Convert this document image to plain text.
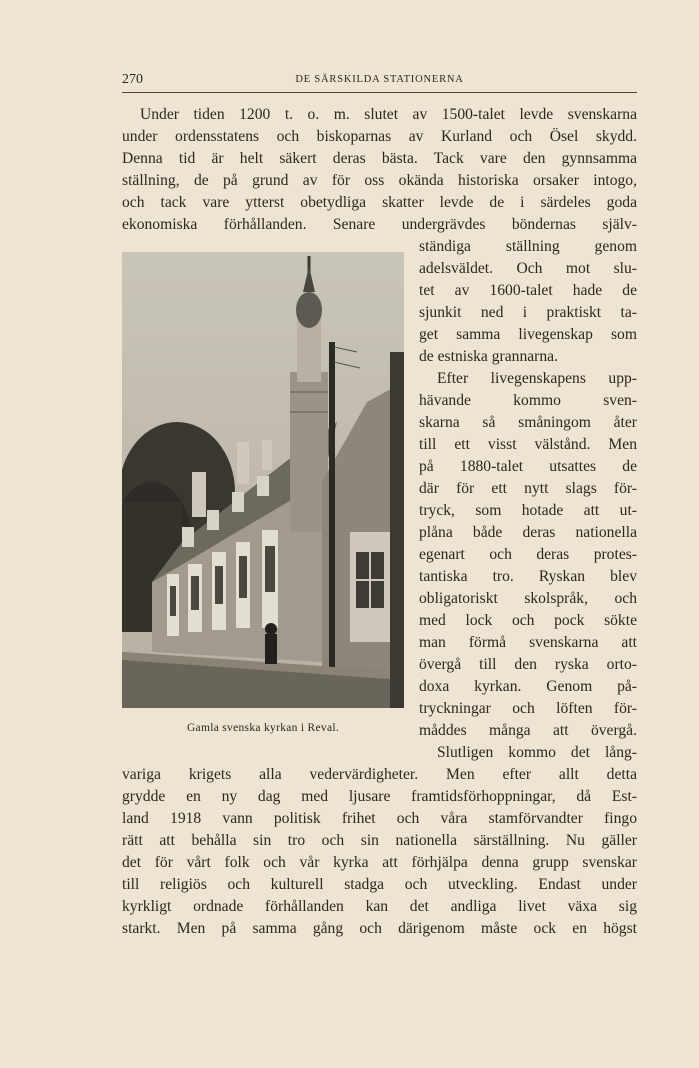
270	DE SÄRSKILDA STATIONERNA
Under tiden 1200 t. o. m. slutet av 1500-talet levde svenskarna
under ordensstatens och biskoparnas av Kurland och Ösel skydd.
Denna tid är helt säkert deras bästa. Tack vare den gynnsamma
ställning, de på grund av för oss okända historiska orsaker intogo,
och tack vare ytterst obetydliga skatter levde de i särdeles goda
ekonomiska förhållanden. Senare undergrävdes böndernas själv-
ständiga ställning genom
adelsväldet. Och mot slu-
tet av 1600-talet hade de
sjunkit ned i praktiskt ta-
get samma livegenskap som
de estniska grannarna.
Efter livegenskapens upp-
hävande kommo sven-
skarna så småningom åter
till ett visst välstånd. Men
på 1880-talet utsattes de
där för ett nytt slags för-
tryck, som hotade att ut-
plåna både deras nationella
egenart och deras protes-
tantiska tro. Ryskan blev
obligatoriskt skolspråk, och
med lock och pock sökte
man förmå svenskarna att
övergå till den ryska orto-
doxa kyrkan. Genom på-
tryckningar och löften för-
måddes många att övergå.
Slutligen kommo det lång-
variga krigets alla vedervärdigheter. Men efter allt detta
grydde en ny dag med ljusare framtidsförhoppningar, då Est-
land 1918 vann politisk frihet och våra stamförvandter fingo
rätt att behålla sin tro och sin nationella särställning. Nu gäller
det för vårt folk och vår kyrka att förhjälpa denna grupp svenskar
till religiös och kulturell stadga och utveckling. Endast under
kyrkligt ordnade förhållanden kan det andliga livet växa sig
starkt. Men på samma gång och därigenom måste ock en högst
Gamla svenska kyrkan i Reval.
